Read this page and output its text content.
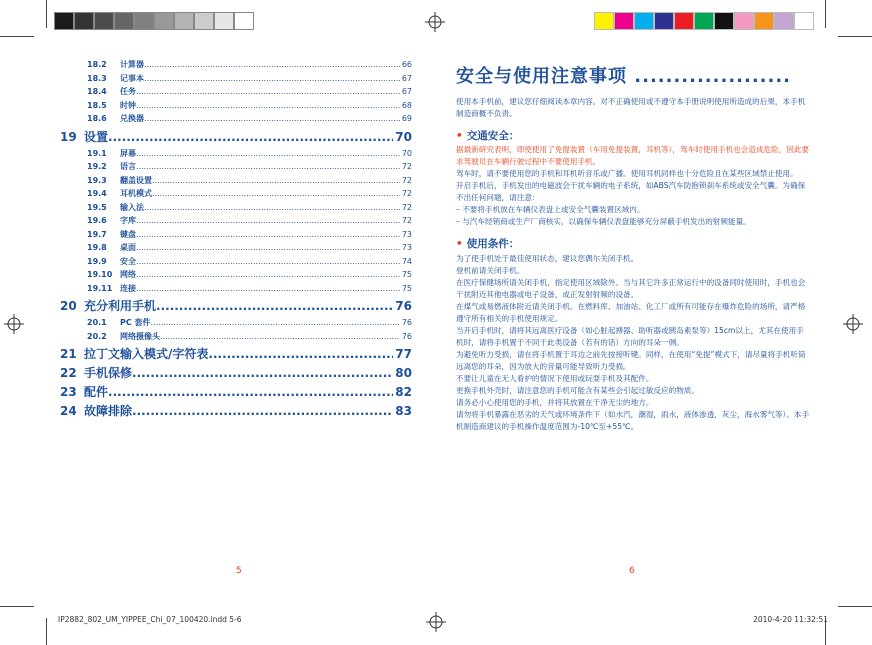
18.2	计算器 .....	66
18.3	记事本 .....	67
18.4	任务 .....	67
18.5	时钟 .....	68
18.6	兑换器 .....	69
19 设置 .....	70
19.1	屏幕 .....	70
19.2	语言 .....	72
19.3	翻盖设置 .....	72
19.4	耳机模式 .....	72
19.5	输入法 .....	72
19.6	字库 .....	72
19.7	键盘 .....	73
19.8	桌面 .....	73
19.9	安全 .....	74
19.10 网络 .....	75
19.11 连接 .....	75
20 充分利用手机 .....	76
20.1	PC 套件 .....	76
20.2	网络摄像头 .....	76
21 拉丁文输入模式/字符表 .....	77
22 手机保修 .....	80
23 配件 .....	82
24 故障排除 .....	83
5
安全与使用注意事项 ....................

使用本手机前，建议您仔细阅读本章内容。对不正确使用或不遵守本手册说明使用所造成的后果，本手机制造商概不负责。

• 交通安全：

据最新研究表明，即使使用了免提装置（车用免提装置，耳机等），驾车时使用手机也会造成危险，因此要求驾驶员在车辆行驶过程中不要使用手机。

驾车时，请不要使用您的手机和耳机听音乐或广播。使用耳机同样也十分危险且在某些区域禁止使用。

开启手机后，手机发出的电磁波会干扰车辆的电子系统，如ABS汽车防抱锁刹车系统或安全气囊。为确保不出任何问题，请注意：

– 不要将手机放在车辆仪表盘上或安全气囊装置区域内。

– 与汽车经销商或生产厂商核实，以确保车辆仪表盘能够充分屏蔽手机发出的射频能量。

• 使用条件：

为了使手机处于最佳使用状态，建议您偶尔关闭手机。

登机前请关闭手机。

在医疗保健场所请关闭手机，指定使用区域除外。当与其它许多正常运行中的设备同时使用时，手机也会干扰附近其他电器或电子设备，或正发射射频的设备。

在煤气或易燃液体附近请关闭手机。在燃料库、加油站、化工厂或所有可能存在爆炸危险的场所，请严格遵守所有相关的手机使用规定。

当开启手机时，请将其远离医疗设备（如心脏起搏器、助听器或胰岛素泵等）15cm以上，尤其在使用手机时，请将手机置于不同于此类设备（若有的话）方向的耳朵一侧。

为避免听力受损，请在将手机置于耳边之前先按接听键。同样，在使用“免提”模式下，请尽量将手机听筒远离您的耳朵，因为放大的音量可能导致听力受损。

不要让儿童在无人看护的情况下使用或玩耍手机及其配件。

更换手机外壳时，请注意您的手机可能含有某些会引起过敏反应的物质。

请务必小心使用您的手机，并将其放置在干净无尘的地方。

请勿将手机暴露在恶劣的天气或环境条件下（如水汽，潮湿，雨水，液体渗透，灰尘，海水雾气等）。本手机制造商建议的手机操作温度范围为-10℃至+55℃。

6
IP2882_802_UM_YIPPEE_Chi_07_100420.indd 5-6	2010-4-20 11:32:51
